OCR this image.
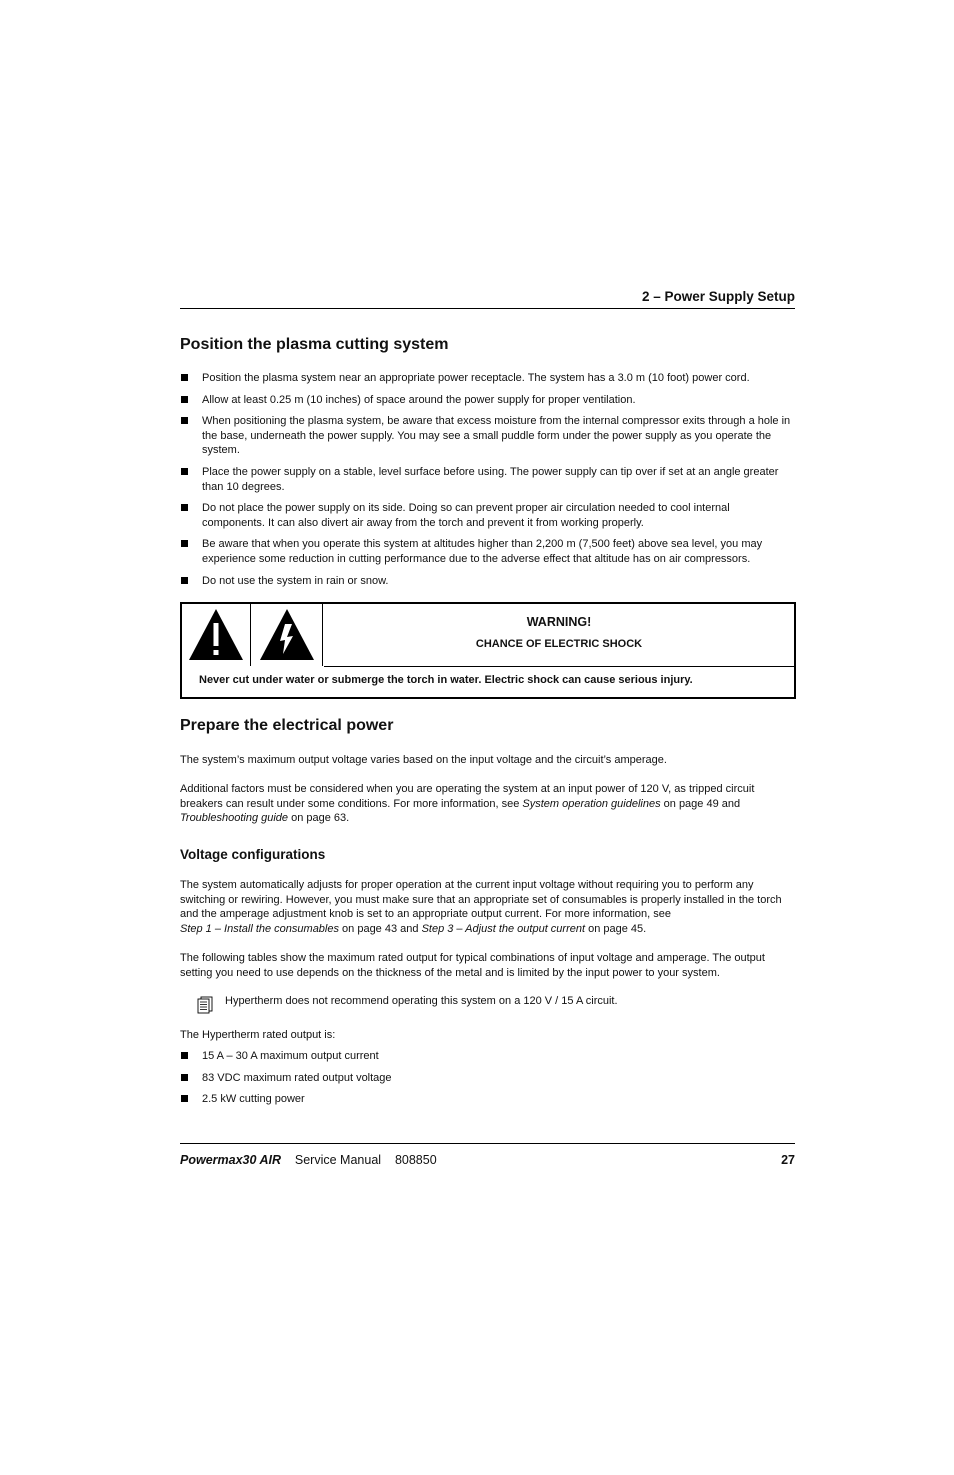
2 – Power Supply Setup
Position the plasma cutting system
Position the plasma system near an appropriate power receptacle. The system has a 3.0 m (10 foot) power cord.
Allow at least 0.25 m (10 inches) of space around the power supply for proper ventilation.
When positioning the plasma system, be aware that excess moisture from the internal compressor exits through a hole in the base, underneath the power supply. You may see a small puddle form under the power supply as you operate the system.
Place the power supply on a stable, level surface before using. The power supply can tip over if set at an angle greater than 10 degrees.
Do not place the power supply on its side. Doing so can prevent proper air circulation needed to cool internal components. It can also divert air away from the torch and prevent it from working properly.
Be aware that when you operate this system at altitudes higher than 2,200 m (7,500 feet) above sea level, you may experience some reduction in cutting performance due to the adverse effect that altitude has on air compressors.
Do not use the system in rain or snow.
WARNING!
CHANCE OF ELECTRIC SHOCK
Never cut under water or submerge the torch in water. Electric shock can cause serious injury.
Prepare the electrical power

The system’s maximum output voltage varies based on the input voltage and the circuit’s amperage.

Additional factors must be considered when you are operating the system at an input power of 120 V, as tripped circuit breakers can result under some conditions. For more information, see System operation guidelines on page 49 and Troubleshooting guide on page 63.

Voltage configurations

The system automatically adjusts for proper operation at the current input voltage without requiring you to perform any switching or rewiring. However, you must make sure that an appropriate set of consumables is properly installed in the torch and the amperage adjustment knob is set to an appropriate output current. For more information, see
Step 1 – Install the consumables on page 43 and Step 3 – Adjust the output current on page 45.

The following tables show the maximum rated output for typical combinations of input voltage and amperage. The output setting you need to use depends on the thickness of the metal and is limited by the input power to your system.

Hypertherm does not recommend operating this system on a 120 V / 15 A circuit.

The Hypertherm rated output is:

15 A – 30 A maximum output current
83 VDC maximum rated output voltage
2.5 kW cutting power
Powermax30 AIR Service Manual 808850	27
